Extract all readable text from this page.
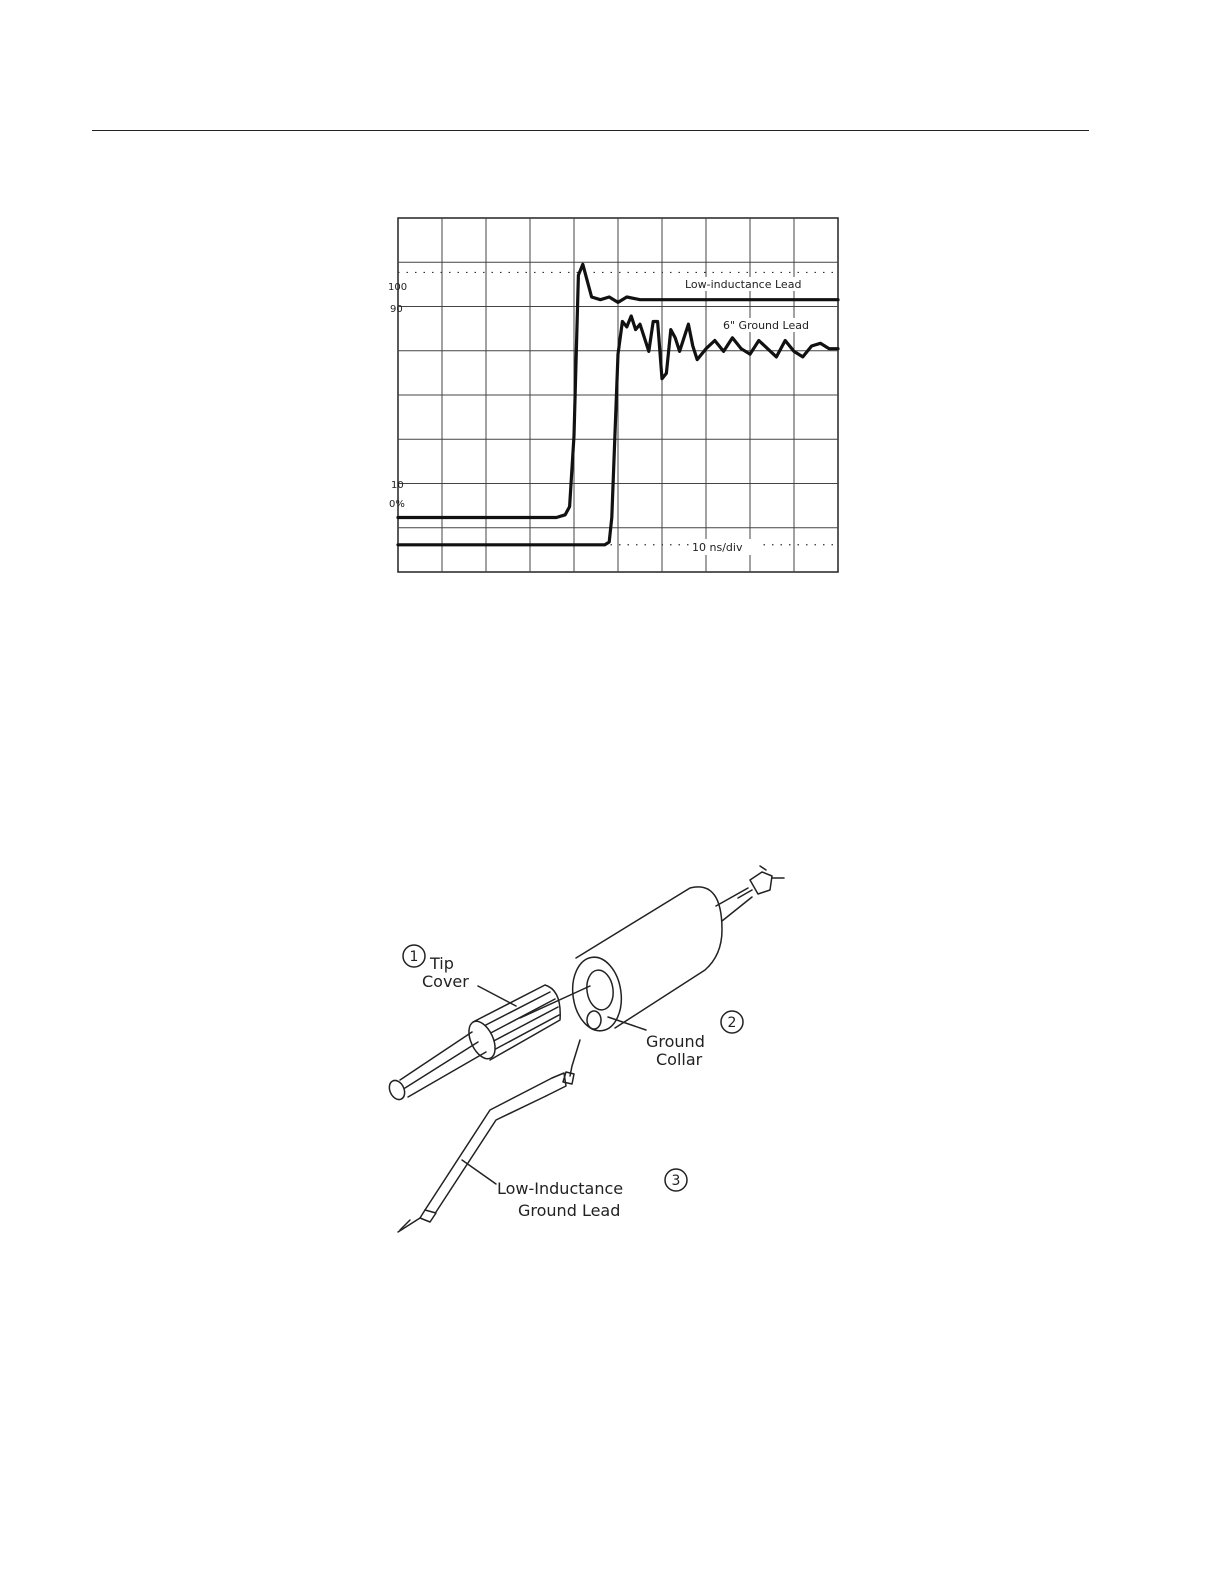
100
90
10
0%
Low-inductance Lead
6" Ground Lead
10 ns/div
1
2
3
Tip
Cover
Ground
Collar
Low-Inductance
Ground Lead
